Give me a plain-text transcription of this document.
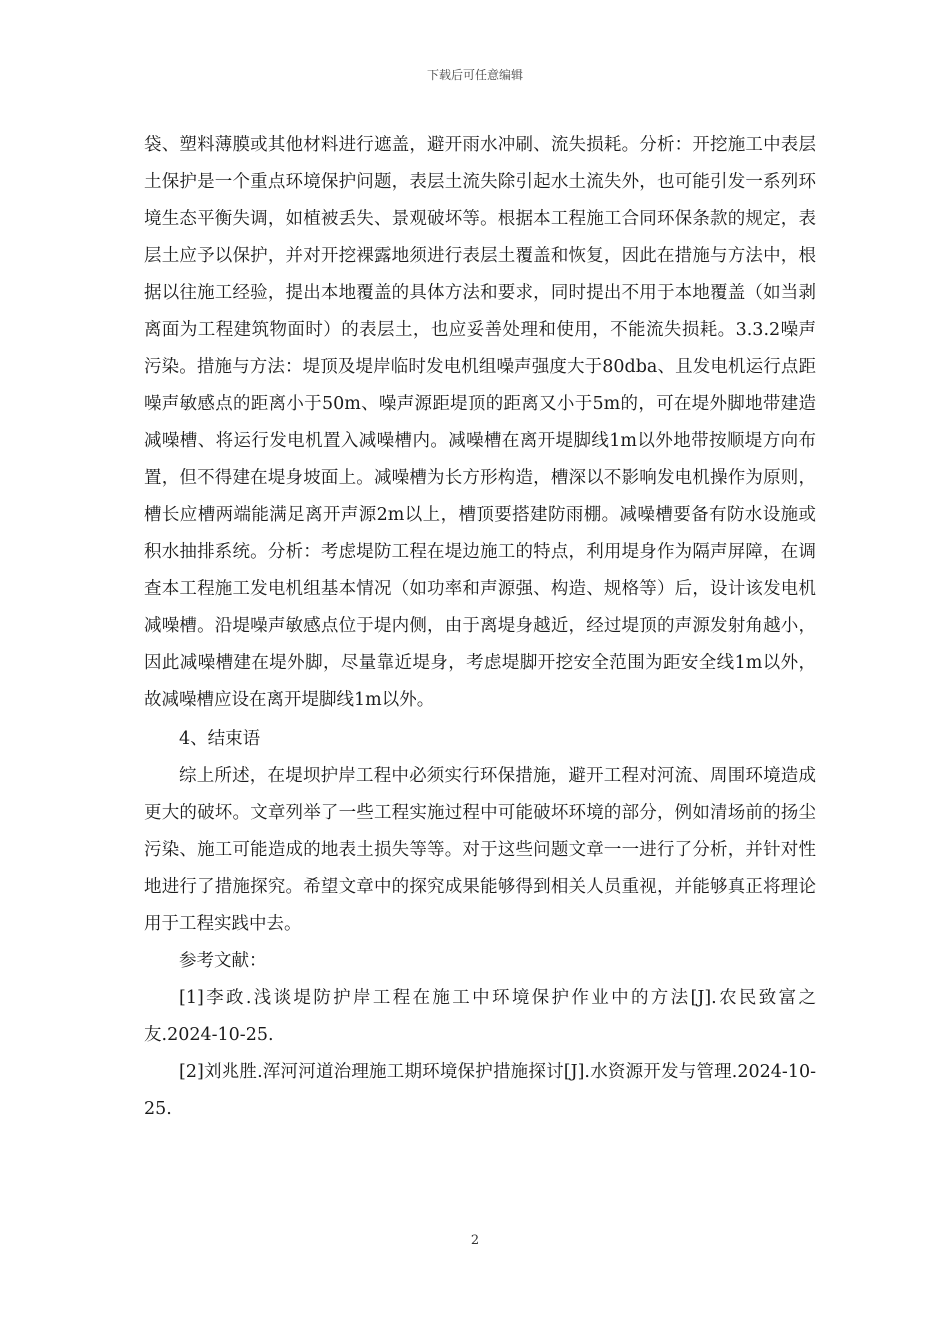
下载后可任意编辑

袋、塑料薄膜或其他材料进行遮盖，避开雨水冲刷、流失损耗。分析：开挖施工中表层土保护是一个重点环境保护问题，表层土流失除引起水土流失外，也可能引发一系列环境生态平衡失调，如植被丢失、景观破坏等。根据本工程施工合同环保条款的规定，表层土应予以保护，并对开挖裸露地须进行表层土覆盖和恢复，因此在措施与方法中，根据以往施工经验，提出本地覆盖的具体方法和要求，同时提出不用于本地覆盖（如当剥离面为工程建筑物面时）的表层土，也应妥善处理和使用，不能流失损耗。3.3.2噪声污染。措施与方法：堤顶及堤岸临时发电机组噪声强度大于80dba、且发电机运行点距噪声敏感点的距离小于50m、噪声源距堤顶的距离又小于5m的，可在堤外脚地带建造减噪槽、将运行发电机置入减噪槽内。减噪槽在离开堤脚线1m以外地带按顺堤方向布置，但不得建在堤身坡面上。减噪槽为长方形构造，槽深以不影响发电机操作为原则，槽长应槽两端能满足离开声源2m以上，槽顶要搭建防雨棚。减噪槽要备有防水设施或积水抽排系统。分析：考虑堤防工程在堤边施工的特点，利用堤身作为隔声屏障，在调查本工程施工发电机组基本情况（如功率和声源强、构造、规格等）后，设计该发电机减噪槽。沿堤噪声敏感点位于堤内侧，由于离堤身越近，经过堤顶的声源发射角越小，因此减噪槽建在堤外脚，尽量靠近堤身，考虑堤脚开挖安全范围为距安全线1m以外，故减噪槽应设在离开堤脚线1m以外。

4、结束语

综上所述，在堤坝护岸工程中必须实行环保措施，避开工程对河流、周围环境造成更大的破坏。文章列举了一些工程实施过程中可能破坏环境的部分，例如清场前的扬尘污染、施工可能造成的地表土损失等等。对于这些问题文章一一进行了分析，并针对性地进行了措施探究。希望文章中的探究成果能够得到相关人员重视，并能够真正将理论用于工程实践中去。

参考文献：

[1]李政.浅谈堤防护岸工程在施工中环境保护作业中的方法[J].农民致富之友.2024-10-25.

[2]刘兆胜.浑河河道治理施工期环境保护措施探讨[J].水资源开发与管理.2024-10-25.

2
